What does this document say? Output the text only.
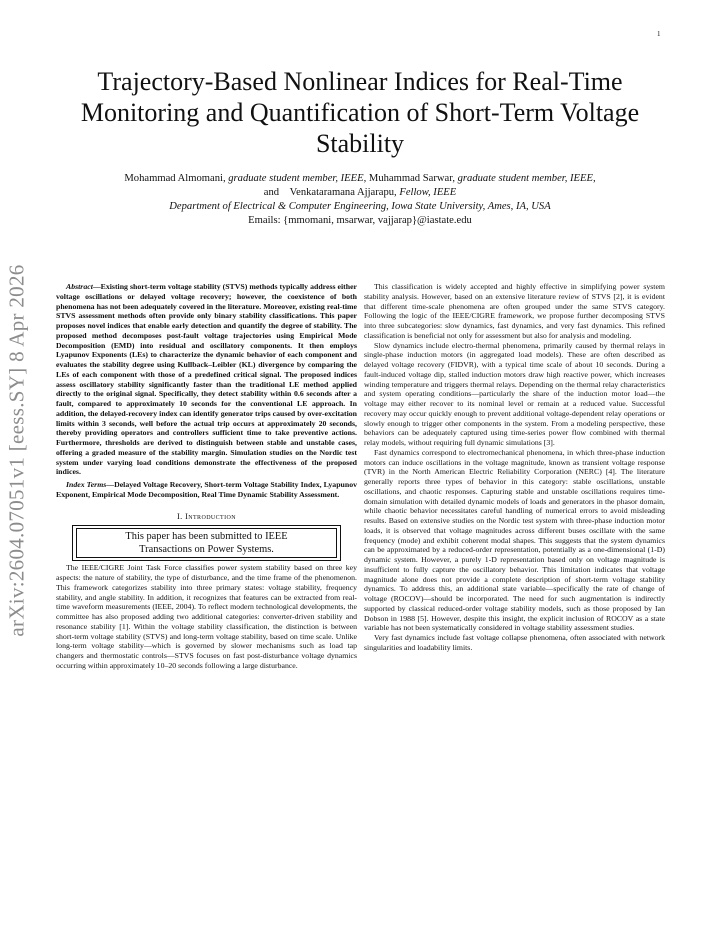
1
arXiv:2604.07051v1 [eess.SY] 8 Apr 2026
Trajectory-Based Nonlinear Indices for Real-Time Monitoring and Quantification of Short-Term Voltage Stability
Mohammad Almomani, graduate student member, IEEE, Muhammad Sarwar, graduate student member, IEEE,
and Venkataramana Ajjarapu, Fellow, IEEE
Department of Electrical & Computer Engineering, Iowa State University, Ames, IA, USA
Emails: {mmomani, msarwar, vajjarap}@iastate.edu

Abstract—Existing short-term voltage stability (STVS) methods typically address either voltage oscillations or delayed voltage recovery; however, the coexistence of both phenomena has not been adequately covered in the literature. Moreover, existing real-time STVS assessment methods often provide only binary stability classifications. This paper proposes novel indices that enable early detection and quantify the degree of stability. The proposed method decomposes post-fault voltage trajectories using Empirical Mode Decomposition (EMD) into residual and oscillatory components. It then employs Lyapunov Exponents (LEs) to characterize the dynamic behavior of each component and evaluates the stability degree using Kullback–Leibler (KL) divergence by comparing the LEs of each component with those of a predefined critical signal. The proposed indices assess oscillatory stability significantly faster than the traditional LE method applied directly to the original signal. Specifically, they detect stability within 0.6 seconds after a fault, compared to approximately 10 seconds for the conventional LE approach. In addition, the delayed-recovery index can identify generator trips caused by over-excitation limits within 3 seconds, well before the actual trip occurs at approximately 20 seconds, thereby providing operators and controllers sufficient time to take preventive actions. Furthermore, thresholds are derived to distinguish between stable and unstable cases, offering a graded measure of the stability margin. Simulation studies on the Nordic test system under varying load conditions demonstrate the effectiveness of the proposed indices.

Index Terms—Delayed Voltage Recovery, Short-term Voltage Stability Index, Lyapunov Exponent, Empirical Mode Decomposition, Real Time Dynamic Stability Assessment.

I. Introduction
This paper has been submitted to IEEE
Transactions on Power Systems.

The IEEE/CIGRE Joint Task Force classifies power system stability based on three key aspects: the nature of stability, the type of disturbance, and the time frame of the phenomenon. This framework categorizes stability into three primary states: voltage stability, frequency stability, and angle stability. In addition, it recognizes that features can be extracted from real-time waveform measurements (IEEE, 2004). To reflect modern technological developments, the committee has also proposed adding two additional categories: converter-driven stability and resonance stability [1]. Within the voltage stability classification, the distinction is between short-term voltage stability (STVS) and long-term voltage stability, based on time scale. Unlike long-term voltage stability—which is governed by slower mechanisms such as load tap changers and thermostatic controls—STVS focuses on fast post-disturbance voltage dynamics occurring within approximately 10–20 seconds following a large disturbance.

This classification is widely accepted and highly effective in simplifying power system stability analysis. However, based on an extensive literature review of STVS [2], it is evident that different time-scale phenomena are often grouped under the same STVS category. Following the logic of the IEEE/CIGRE framework, we propose further decomposing STVS into three subcategories: slow dynamics, fast dynamics, and very fast dynamics. This refined classification is beneficial not only for assessment but also for analysis and modeling.

Slow dynamics include electro-thermal phenomena, primarily caused by thermal relays in single-phase induction motors (in aggregated load models). These are often described as delayed voltage recovery (FIDVR), with a typical time scale of about 10 seconds. During a fault-induced voltage dip, stalled induction motors draw high reactive power, which increases winding temperature and triggers thermal relays. Depending on the thermal relay characteristics and system operating conditions—particularly the share of the induction motor load—the voltage may either recover to its nominal level or remain at a reduced value. Successful recovery may occur quickly enough to prevent additional voltage-dependent relay operations or slowly enough to trigger other components in the system. From a modeling perspective, these behaviors can be adequately captured using time-series power flow combined with thermal relay models, without requiring full dynamic simulations [3].

Fast dynamics correspond to electromechanical phenomena, in which three-phase induction motors can induce oscillations in the voltage magnitude, known as transient voltage response (TVR) in the North American Electric Reliability Corporation (NERC) [4]. The literature generally reports three types of behavior in this category: stable oscillations, unstable oscillations, and chaotic responses. Capturing stable and unstable oscillations requires time-domain simulation with detailed dynamic models of loads and generators in the phasor domain, while chaotic behavior necessitates careful handling of numerical errors to avoid misleading results. Based on extensive studies on the Nordic test system with three-phase induction motor loads, it is observed that voltage magnitudes across different buses oscillate with the same frequency (mode) and exhibit coherent modal shapes. This suggests that the system dynamics can be approximated by a reduced-order representation, potentially as a one-dimensional (1-D) dynamic system. However, a purely 1-D representation based only on voltage magnitude is insufficient to fully capture the oscillatory behavior. This limitation indicates that voltage magnitude alone does not provide a complete description of short-term voltage stability dynamics. To address this, an additional state variable—specifically the rate of change of voltage (ROCOV)—should be incorporated. The need for such augmentation is indirectly supported by classical reduced-order voltage stability models, such as those proposed by Ian Dobson in 1988 [5]. However, despite this insight, the explicit inclusion of ROCOV as a state variable has not been systematically considered in voltage stability assessment studies.

Very fast dynamics include fast voltage collapse phenomena, often associated with network singularities and loadability limits.
